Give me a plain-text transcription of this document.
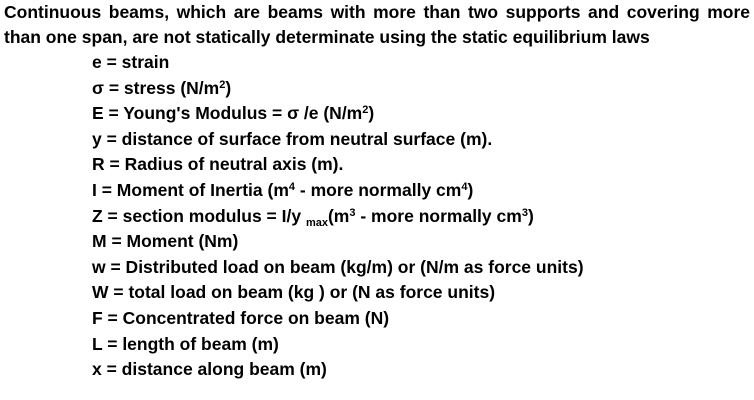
Continuous beams, which are beams with more than two supports and covering more than one span, are not statically determinate using the static equilibrium laws

e = strain
σ = stress $(N/m^2)$
E = Young's Modulus = σ /e $(N/m^2)$
y = distance of surface from neutral surface (m).
R = Radius of neutral axis (m).
I = Moment of Inertia ($m^4$ - more normally $cm^4$)
Z = section modulus = I/y $_{max}(m^3$ - more normally $cm^3$)
M = Moment (Nm)
w = Distributed load on beam (kg/m) or (N/m as force units)
W = total load on beam (kg ) or (N as force units)
F = Concentrated force on beam (N)
L = length of beam (m)
x = distance along beam (m)
